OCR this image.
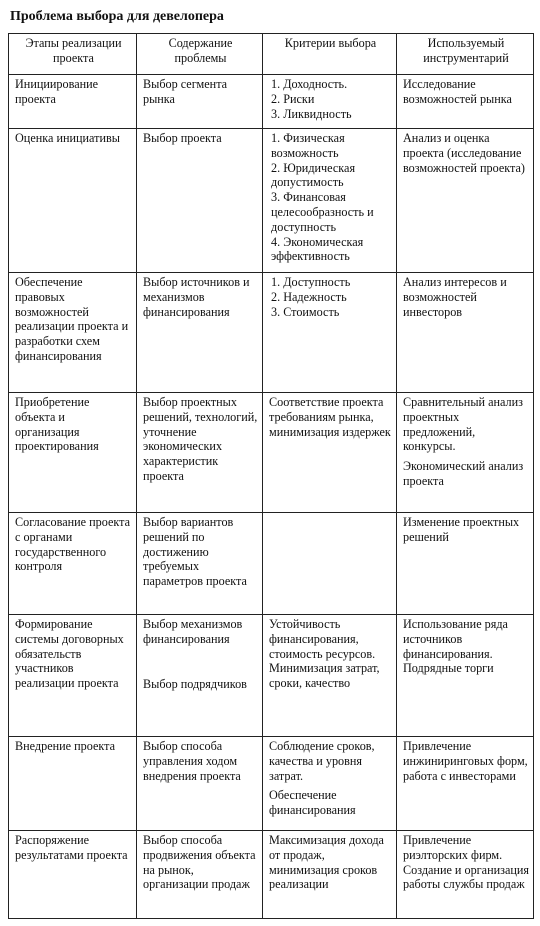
Проблема выбора для девелопера
Этапы реализации проекта	Содержание проблемы	Критерии выбора	Используемый инструментарий
Инициирование проекта	Выбор сегмента рынка	1. Доходность.
2. Риски
3. Ликвидность	Исследование возможностей рынка

Оценка инициативы	Выбор проекта	1. Физическая возможность
2. Юридическая допустимость
3. Финансовая целесообразность и доступность
4. Экономическая эффективность	Анализ и оценка проекта (исследование возможностей проекта)

Обеспечение правовых возможностей реализации проекта и разработки схем финансирования	Выбор источников и механизмов финансирования	1. Доступность
2. Надежность
3. Стоимость	Анализ интересов и возможностей инвесторов

Приобретение объекта и организация проектирования	Выбор проектных решений, технологий, уточнение экономических характеристик проекта	Соответствие проекта требованиям рынка, минимизация издержек	Сравнительный анализ проектных предложений, конкурсы.
Экономический анализ проекта

Согласование проекта с органами государственного контроля	Выбор вариантов решений по достижению требуемых параметров проекта		Изменение проектных решений

Формирование системы договорных обязательств участников реализации проекта	Выбор механизмов финансирования
Выбор подрядчиков	Устойчивость финансирования, стоимость ресурсов. Минимизация затрат, сроки, качество	Использование ряда источников финансирования. Подрядные торги

Внедрение проекта	Выбор способа управления ходом внедрения проекта	Соблюдение сроков, качества и уровня затрат.
Обеспечение финансирования	Привлечение инжиниринговых форм, работа с инвесторами

Распоряжение результатами проекта	Выбор способа продвижения объекта на рынок, организации продаж	Максимизация дохода от продаж, минимизация сроков реализации	Привлечение риэлторских фирм. Создание и организация работы службы продаж
